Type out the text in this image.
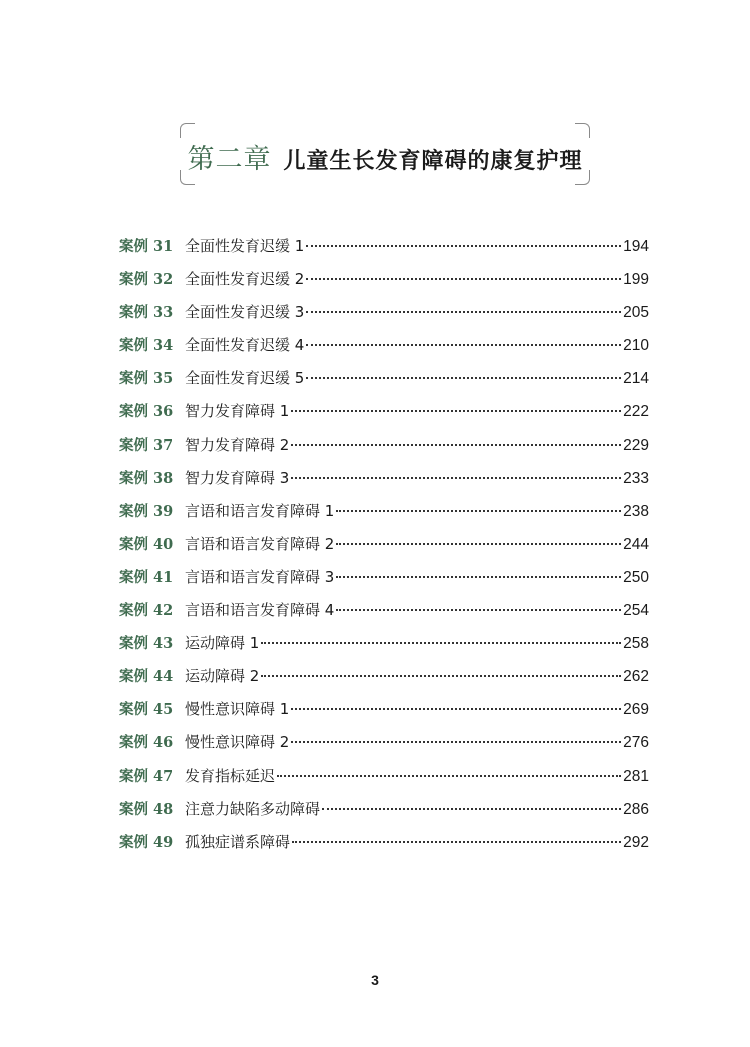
第二章 儿童生长发育障碍的康复护理
案例 31 全面性发育迟缓 1	194
案例 32 全面性发育迟缓 2	199
案例 33 全面性发育迟缓 3	205
案例 34 全面性发育迟缓 4	210
案例 35 全面性发育迟缓 5	214
案例 36 智力发育障碍 1	222
案例 37 智力发育障碍 2	229
案例 38 智力发育障碍 3	233
案例 39 言语和语言发育障碍 1	238
案例 40 言语和语言发育障碍 2	244
案例 41 言语和语言发育障碍 3	250
案例 42 言语和语言发育障碍 4	254
案例 43 运动障碍 1	258
案例 44 运动障碍 2	262
案例 45 慢性意识障碍 1	269
案例 46 慢性意识障碍 2	276
案例 47 发育指标延迟	281
案例 48 注意力缺陷多动障碍	286
案例 49 孤独症谱系障碍	292
3
